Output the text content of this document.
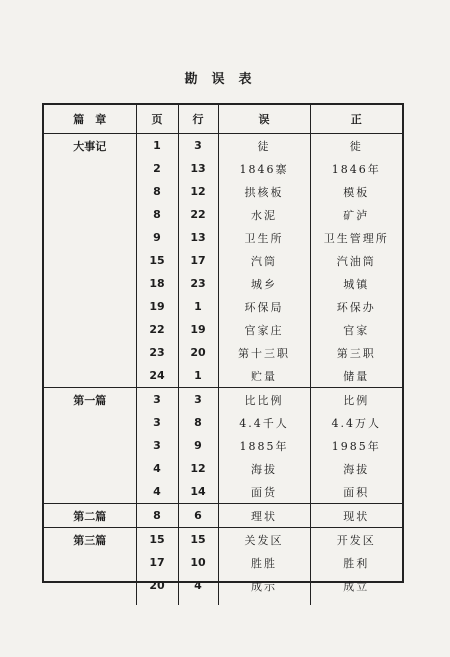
勘误表
篇　章	页	行	误	正
大事记	1	3	徒	徙
	2	13	1846寨	1846年
	8	12	拱核板	模板
	8	22	水泥	矿泸
	9	13	卫生所	卫生管理所
	15	17	汽筒	汽油筒
	18	23	城乡	城镇
	19	1	环保局	环保办
	22	19	官家庄	官家
	23	20	第十三职	第三职
	24	1	贮量	储量
第一篇	3	3	比比例	比例
	3	8	4.4千人	4.4万人
	3	9	1885年	1985年
	4	12	海拔	海拔
	4	14	面货	面积
第二篇	8	6	理状	现状
第三篇	15	15	关发区	开发区
	17	10	胜胜	胜利
	20	4	成示	成立
